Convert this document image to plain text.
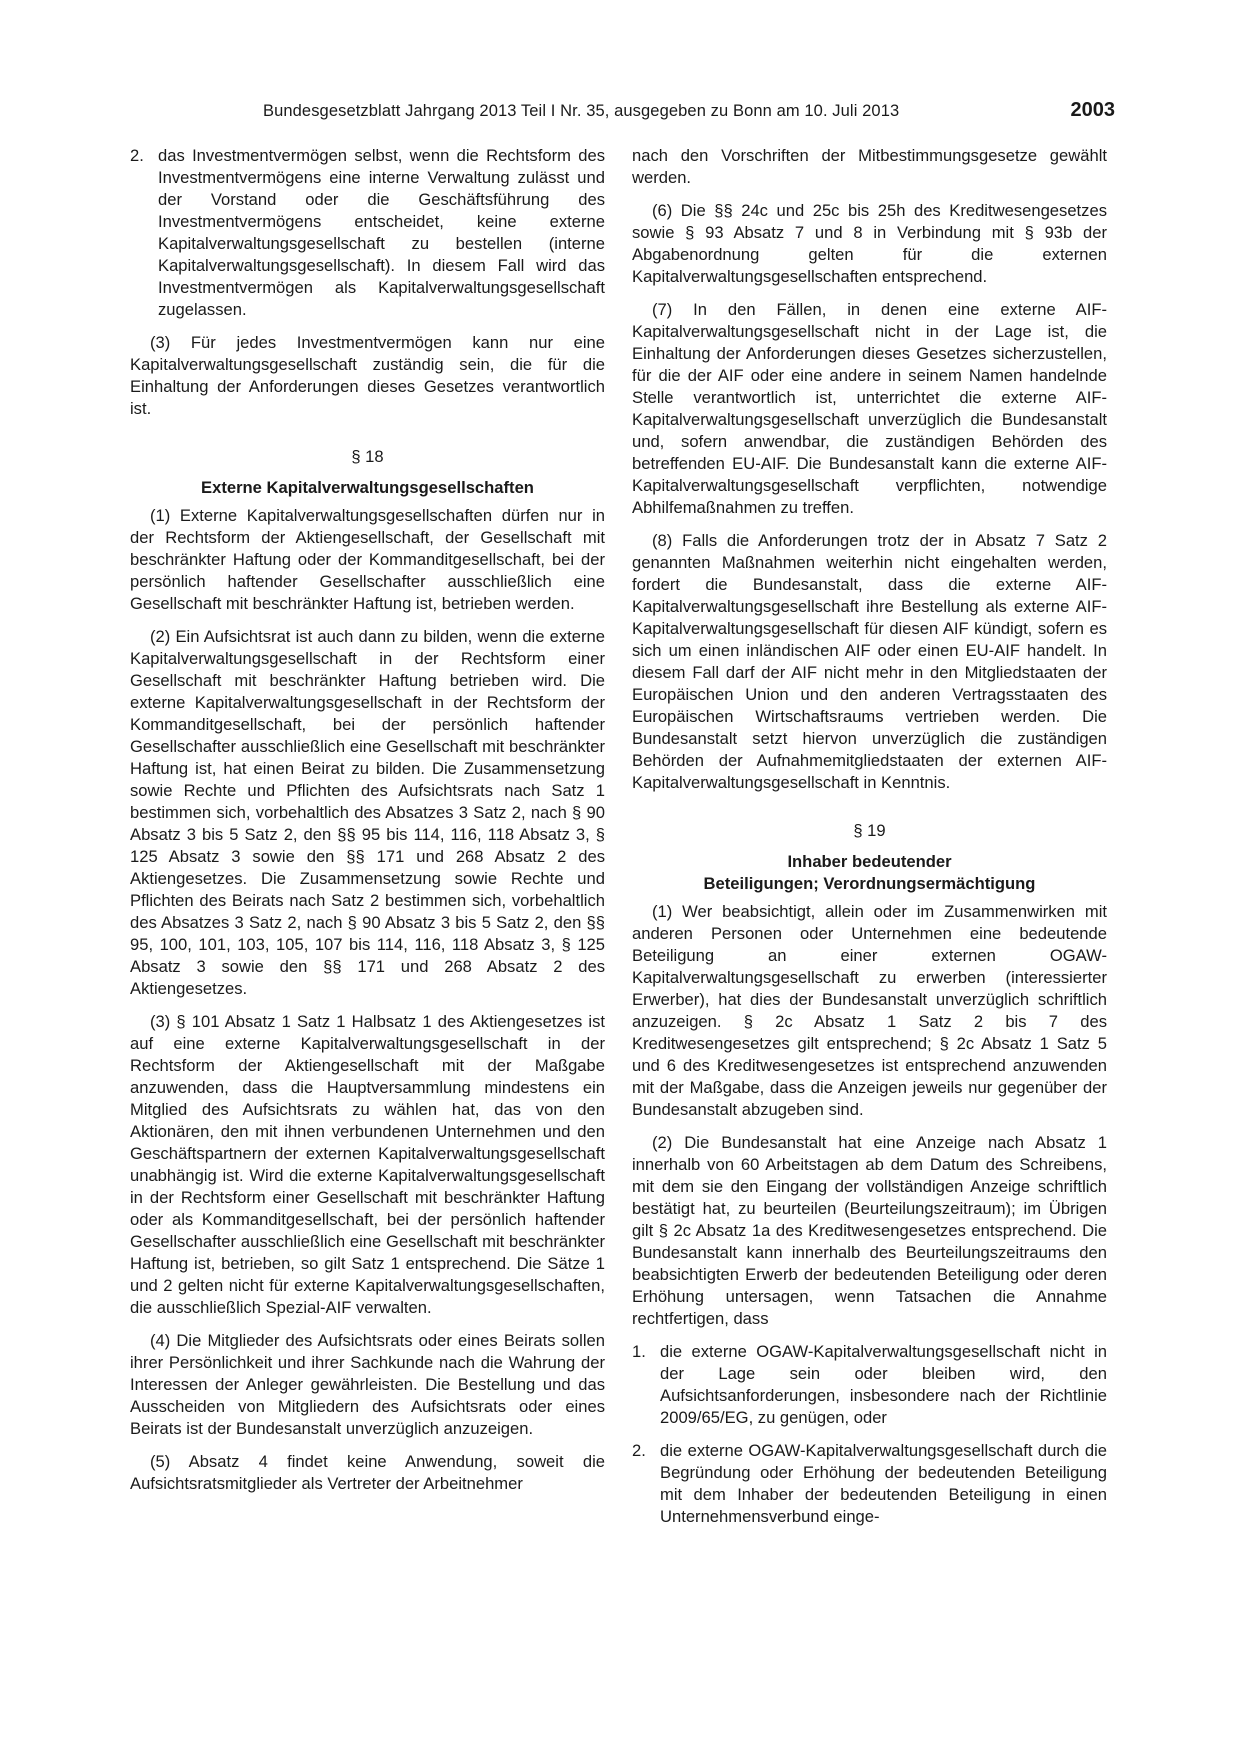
Bundesgesetzblatt Jahrgang 2013 Teil I Nr. 35, ausgegeben zu Bonn am 10. Juli 2013	2003
2. das Investmentvermögen selbst, wenn die Rechtsform des Investmentvermögens eine interne Verwaltung zulässt und der Vorstand oder die Geschäftsführung des Investmentvermögens entscheidet, keine externe Kapitalverwaltungsgesellschaft zu bestellen (interne Kapitalverwaltungsgesellschaft). In diesem Fall wird das Investmentvermögen als Kapitalverwaltungsgesellschaft zugelassen.

(3) Für jedes Investmentvermögen kann nur eine Kapitalverwaltungsgesellschaft zuständig sein, die für die Einhaltung der Anforderungen dieses Gesetzes verantwortlich ist.

§ 18
Externe Kapitalverwaltungsgesellschaften

(1) Externe Kapitalverwaltungsgesellschaften dürfen nur in der Rechtsform der Aktiengesellschaft, der Gesellschaft mit beschränkter Haftung oder der Kommanditgesellschaft, bei der persönlich haftender Gesellschafter ausschließlich eine Gesellschaft mit beschränkter Haftung ist, betrieben werden.

(2) Ein Aufsichtsrat ist auch dann zu bilden, wenn die externe Kapitalverwaltungsgesellschaft in der Rechtsform einer Gesellschaft mit beschränkter Haftung betrieben wird. Die externe Kapitalverwaltungsgesellschaft in der Rechtsform der Kommanditgesellschaft, bei der persönlich haftender Gesellschafter ausschließlich eine Gesellschaft mit beschränkter Haftung ist, hat einen Beirat zu bilden. Die Zusammensetzung sowie Rechte und Pflichten des Aufsichtsrats nach Satz 1 bestimmen sich, vorbehaltlich des Absatzes 3 Satz 2, nach § 90 Absatz 3 bis 5 Satz 2, den §§ 95 bis 114, 116, 118 Absatz 3, § 125 Absatz 3 sowie den §§ 171 und 268 Absatz 2 des Aktiengesetzes. Die Zusammensetzung sowie Rechte und Pflichten des Beirats nach Satz 2 bestimmen sich, vorbehaltlich des Absatzes 3 Satz 2, nach § 90 Absatz 3 bis 5 Satz 2, den §§ 95, 100, 101, 103, 105, 107 bis 114, 116, 118 Absatz 3, § 125 Absatz 3 sowie den §§ 171 und 268 Absatz 2 des Aktiengesetzes.

(3) § 101 Absatz 1 Satz 1 Halbsatz 1 des Aktiengesetzes ist auf eine externe Kapitalverwaltungsgesellschaft in der Rechtsform der Aktiengesellschaft mit der Maßgabe anzuwenden, dass die Hauptversammlung mindestens ein Mitglied des Aufsichtsrats zu wählen hat, das von den Aktionären, den mit ihnen verbundenen Unternehmen und den Geschäftspartnern der externen Kapitalverwaltungsgesellschaft unabhängig ist. Wird die externe Kapitalverwaltungsgesellschaft in der Rechtsform einer Gesellschaft mit beschränkter Haftung oder als Kommanditgesellschaft, bei der persönlich haftender Gesellschafter ausschließlich eine Gesellschaft mit beschränkter Haftung ist, betrieben, so gilt Satz 1 entsprechend. Die Sätze 1 und 2 gelten nicht für externe Kapitalverwaltungsgesellschaften, die ausschließlich Spezial-AIF verwalten.

(4) Die Mitglieder des Aufsichtsrats oder eines Beirats sollen ihrer Persönlichkeit und ihrer Sachkunde nach die Wahrung der Interessen der Anleger gewährleisten. Die Bestellung und das Ausscheiden von Mitgliedern des Aufsichtsrats oder eines Beirats ist der Bundesanstalt unverzüglich anzuzeigen.

(5) Absatz 4 findet keine Anwendung, soweit die Aufsichtsratsmitglieder als Vertreter der Arbeitnehmer

nach den Vorschriften der Mitbestimmungsgesetze gewählt werden.

(6) Die §§ 24c und 25c bis 25h des Kreditwesengesetzes sowie § 93 Absatz 7 und 8 in Verbindung mit § 93b der Abgabenordnung gelten für die externen Kapitalverwaltungsgesellschaften entsprechend.

(7) In den Fällen, in denen eine externe AIF-Kapitalverwaltungsgesellschaft nicht in der Lage ist, die Einhaltung der Anforderungen dieses Gesetzes sicherzustellen, für die der AIF oder eine andere in seinem Namen handelnde Stelle verantwortlich ist, unterrichtet die externe AIF-Kapitalverwaltungsgesellschaft unverzüglich die Bundesanstalt und, sofern anwendbar, die zuständigen Behörden des betreffenden EU-AIF. Die Bundesanstalt kann die externe AIF-Kapitalverwaltungsgesellschaft verpflichten, notwendige Abhilfemaßnahmen zu treffen.

(8) Falls die Anforderungen trotz der in Absatz 7 Satz 2 genannten Maßnahmen weiterhin nicht eingehalten werden, fordert die Bundesanstalt, dass die externe AIF-Kapitalverwaltungsgesellschaft ihre Bestellung als externe AIF-Kapitalverwaltungsgesellschaft für diesen AIF kündigt, sofern es sich um einen inländischen AIF oder einen EU-AIF handelt. In diesem Fall darf der AIF nicht mehr in den Mitgliedstaaten der Europäischen Union und den anderen Vertragsstaaten des Europäischen Wirtschaftsraums vertrieben werden. Die Bundesanstalt setzt hiervon unverzüglich die zuständigen Behörden der Aufnahmemitgliedstaaten der externen AIF-Kapitalverwaltungsgesellschaft in Kenntnis.

§ 19
Inhaber bedeutender
Beteiligungen; Verordnungsermächtigung

(1) Wer beabsichtigt, allein oder im Zusammenwirken mit anderen Personen oder Unternehmen eine bedeutende Beteiligung an einer externen OGAW-Kapitalverwaltungsgesellschaft zu erwerben (interessierter Erwerber), hat dies der Bundesanstalt unverzüglich schriftlich anzuzeigen. § 2c Absatz 1 Satz 2 bis 7 des Kreditwesengesetzes gilt entsprechend; § 2c Absatz 1 Satz 5 und 6 des Kreditwesengesetzes ist entsprechend anzuwenden mit der Maßgabe, dass die Anzeigen jeweils nur gegenüber der Bundesanstalt abzugeben sind.

(2) Die Bundesanstalt hat eine Anzeige nach Absatz 1 innerhalb von 60 Arbeitstagen ab dem Datum des Schreibens, mit dem sie den Eingang der vollständigen Anzeige schriftlich bestätigt hat, zu beurteilen (Beurteilungszeitraum); im Übrigen gilt § 2c Absatz 1a des Kreditwesengesetzes entsprechend. Die Bundesanstalt kann innerhalb des Beurteilungszeitraums den beabsichtigten Erwerb der bedeutenden Beteiligung oder deren Erhöhung untersagen, wenn Tatsachen die Annahme rechtfertigen, dass

1. die externe OGAW-Kapitalverwaltungsgesellschaft nicht in der Lage sein oder bleiben wird, den Aufsichtsanforderungen, insbesondere nach der Richtlinie 2009/65/EG, zu genügen, oder
2. die externe OGAW-Kapitalverwaltungsgesellschaft durch die Begründung oder Erhöhung der bedeutenden Beteiligung mit dem Inhaber der bedeutenden Beteiligung in einen Unternehmensverbund einge-
